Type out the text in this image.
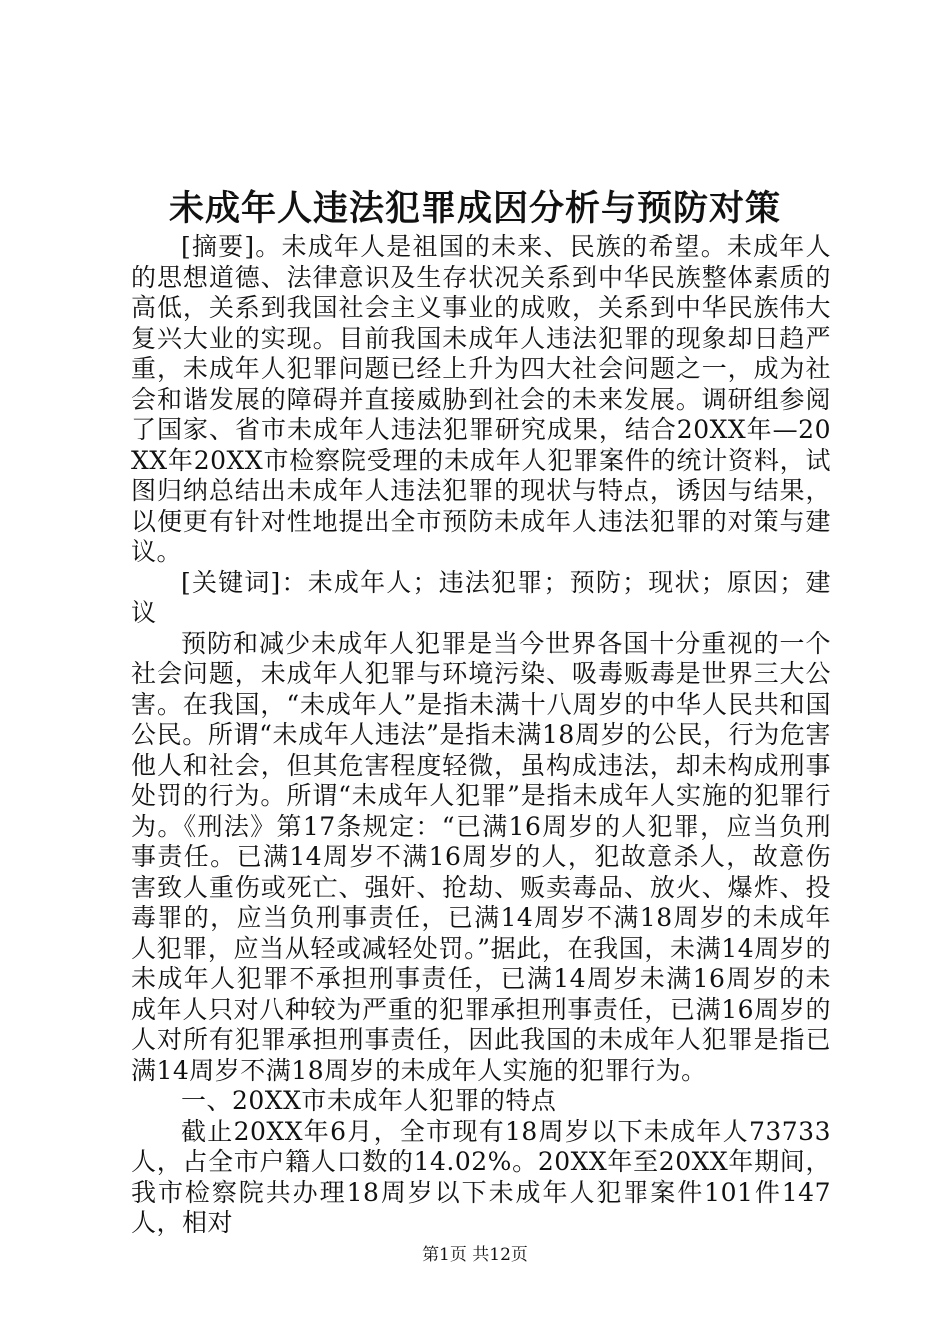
未成年人违法犯罪成因分析与预防对策

[摘要]。未成年人是祖国的未来、民族的希望。未成年人的思想道德、法律意识及生存状况关系到中华民族整体素质的高低，关系到我国社会主义事业的成败，关系到中华民族伟大复兴大业的实现。目前我国未成年人违法犯罪的现象却日趋严重，未成年人犯罪问题已经上升为四大社会问题之一，成为社会和谐发展的障碍并直接威胁到社会的未来发展。调研组参阅了国家、省市未成年人违法犯罪研究成果，结合20XX年—20XX年20XX市检察院受理的未成年人犯罪案件的统计资料，试图归纳总结出未成年人违法犯罪的现状与特点，诱因与结果，以便更有针对性地提出全市预防未成年人违法犯罪的对策与建议。

[关键词]：未成年人；违法犯罪；预防；现状；原因；建议

预防和减少未成年人犯罪是当今世界各国十分重视的一个社会问题，未成年人犯罪与环境污染、吸毒贩毒是世界三大公害。在我国，“未成年人”是指未满十八周岁的中华人民共和国公民。所谓“未成年人违法”是指未满18周岁的公民，行为危害他人和社会，但其危害程度轻微，虽构成违法，却未构成刑事处罚的行为。所谓“未成年人犯罪”是指未成年人实施的犯罪行为。《刑法》第17条规定：“已满16周岁的人犯罪，应当负刑事责任。已满14周岁不满16周岁的人，犯故意杀人，故意伤害致人重伤或死亡、强奸、抢劫、贩卖毒品、放火、爆炸、投毒罪的，应当负刑事责任，已满14周岁不满18周岁的未成年人犯罪，应当从轻或减轻处罚。”据此，在我国，未满14周岁的未成年人犯罪不承担刑事责任，已满14周岁未满16周岁的未成年人只对八种较为严重的犯罪承担刑事责任，已满16周岁的人对所有犯罪承担刑事责任，因此我国的未成年人犯罪是指已满14周岁不满18周岁的未成年人实施的犯罪行为。

一、20XX市未成年人犯罪的特点

截止20XX年6月，全市现有18周岁以下未成年人73733人，占全市户籍人口数的14.02%。20XX年至20XX年期间，我市检察院共办理18周岁以下未成年人犯罪案件101件147人，相对

第1页 共12页
